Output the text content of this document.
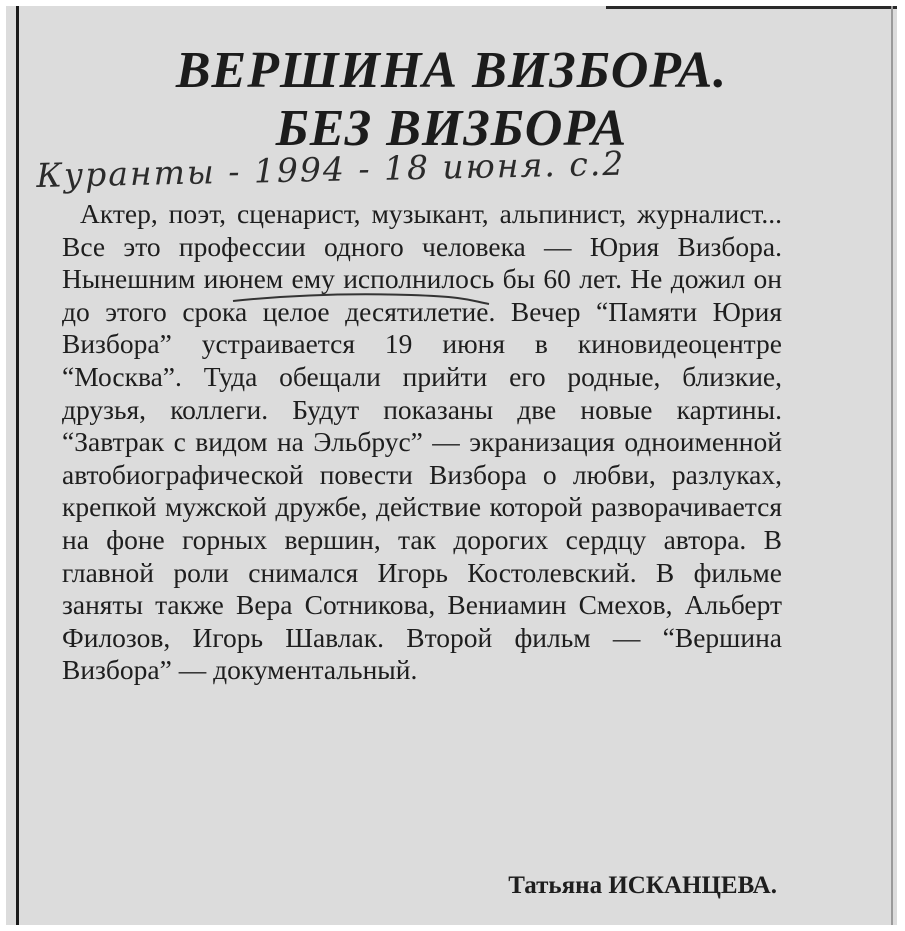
ВЕРШИНА ВИЗБОРА.
БЕЗ ВИЗБОРА
Куранты - 1994 - 18 июня. с.2

Актер, поэт, сценарист, музыкант, альпинист, журналист... Все это профессии одного человека — Юрия Визбора. Нынешним июнем ему исполнилось бы 60 лет. Не дожил он до этого срока целое десятилетие. Вечер “Памяти Юрия Визбора” устраивается 19 июня в киновидеоцентре “Москва”. Туда обещали прийти его родные, близкие, друзья, коллеги. Будут показаны две новые картины. “Завтрак с видом на Эльбрус” — экранизация одноименной автобиографической повести Визбора о любви, разлуках, крепкой мужской дружбе, действие которой разворачивается на фоне горных вершин, так дорогих сердцу автора. В главной роли снимался Игорь Костолевский. В фильме заняты также Вера Сотникова, Вениамин Смехов, Альберт Филозов, Игорь Шавлак. Второй фильм — “Вершина Визбора” — документальный.

Татьяна ИСКАНЦЕВА.
